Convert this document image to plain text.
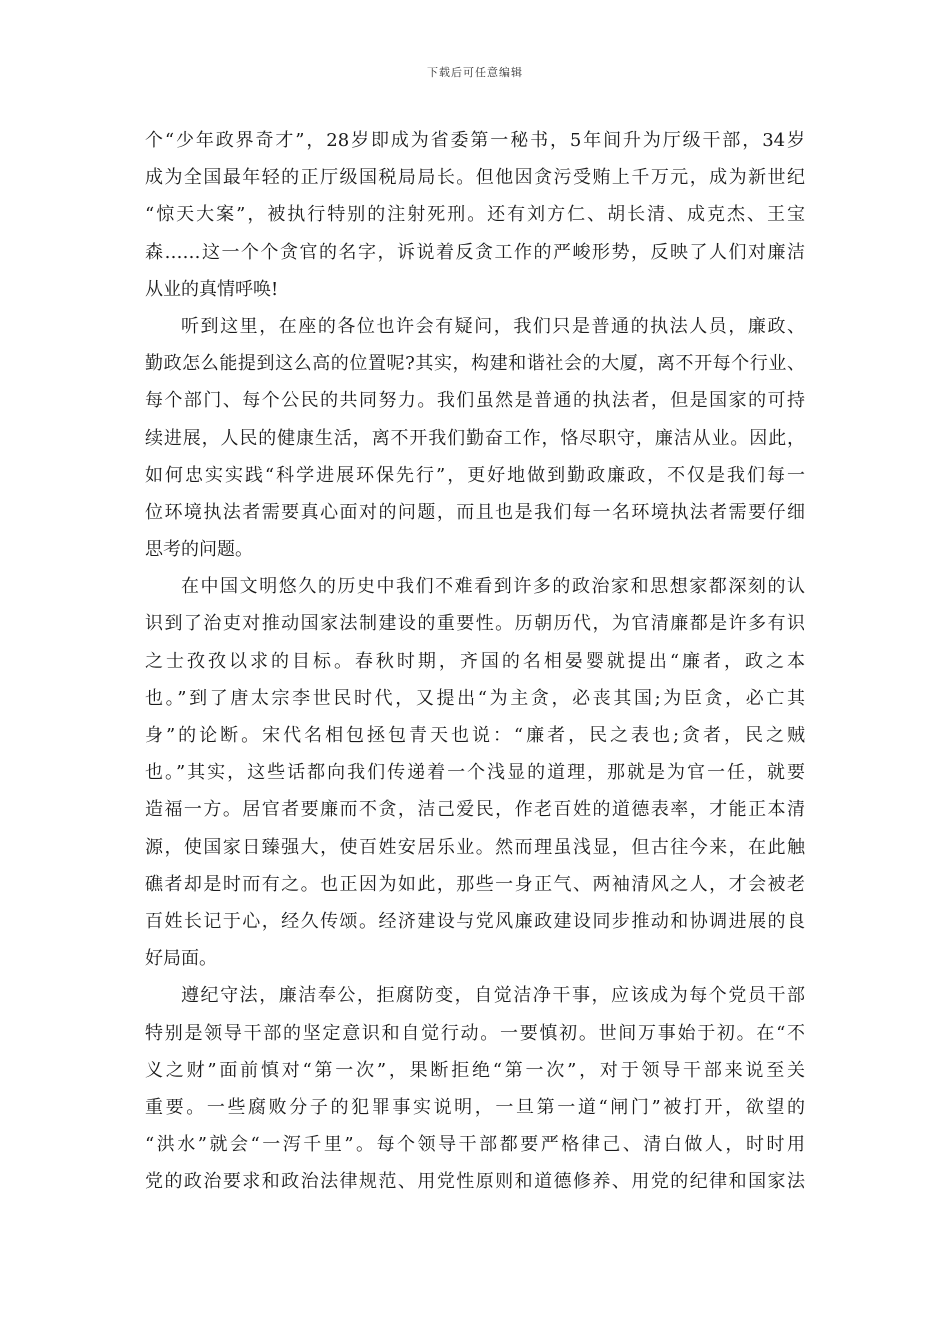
下载后可任意编辑
个“少年政界奇才”，28岁即成为省委第一秘书，5年间升为厅级干部，34岁
成为全国最年轻的正厅级国税局局长。但他因贪污受贿上千万元，成为新世纪
“惊天大案”，被执行特别的注射死刑。还有刘方仁、胡长清、成克杰、王宝
森……这一个个贪官的名字，诉说着反贪工作的严峻形势，反映了人们对廉洁
从业的真情呼唤!
听到这里，在座的各位也许会有疑问，我们只是普通的执法人员，廉政、
勤政怎么能提到这么高的位置呢?其实，构建和谐社会的大厦，离不开每个行业、
每个部门、每个公民的共同努力。我们虽然是普通的执法者，但是国家的可持
续进展，人民的健康生活，离不开我们勤奋工作，恪尽职守，廉洁从业。因此，
如何忠实实践“科学进展环保先行”，更好地做到勤政廉政，不仅是我们每一
位环境执法者需要真心面对的问题，而且也是我们每一名环境执法者需要仔细
思考的问题。
在中国文明悠久的历史中我们不难看到许多的政治家和思想家都深刻的认
识到了治吏对推动国家法制建设的重要性。历朝历代，为官清廉都是许多有识
之士孜孜以求的目标。春秋时期，齐国的名相晏婴就提出“廉者，政之本
也。”到了唐太宗李世民时代，又提出“为主贪，必丧其国;为臣贪，必亡其
身”的论断。宋代名相包拯包青天也说：“廉者，民之表也;贪者，民之贼
也。”其实，这些话都向我们传递着一个浅显的道理，那就是为官一任，就要
造福一方。居官者要廉而不贪，洁己爱民，作老百姓的道德表率，才能正本清
源，使国家日臻强大，使百姓安居乐业。然而理虽浅显，但古往今来，在此触
礁者却是时而有之。也正因为如此，那些一身正气、两袖清风之人，才会被老
百姓长记于心，经久传颂。经济建设与党风廉政建设同步推动和协调进展的良
好局面。
遵纪守法，廉洁奉公，拒腐防变，自觉洁净干事，应该成为每个党员干部
特别是领导干部的坚定意识和自觉行动。一要慎初。世间万事始于初。在“不
义之财”面前慎对“第一次”，果断拒绝“第一次”，对于领导干部来说至关
重要。一些腐败分子的犯罪事实说明，一旦第一道“闸门”被打开，欲望的
“洪水”就会“一泻千里”。每个领导干部都要严格律己、清白做人，时时用
党的政治要求和政治法律规范、用党性原则和道德修养、用党的纪律和国家法
